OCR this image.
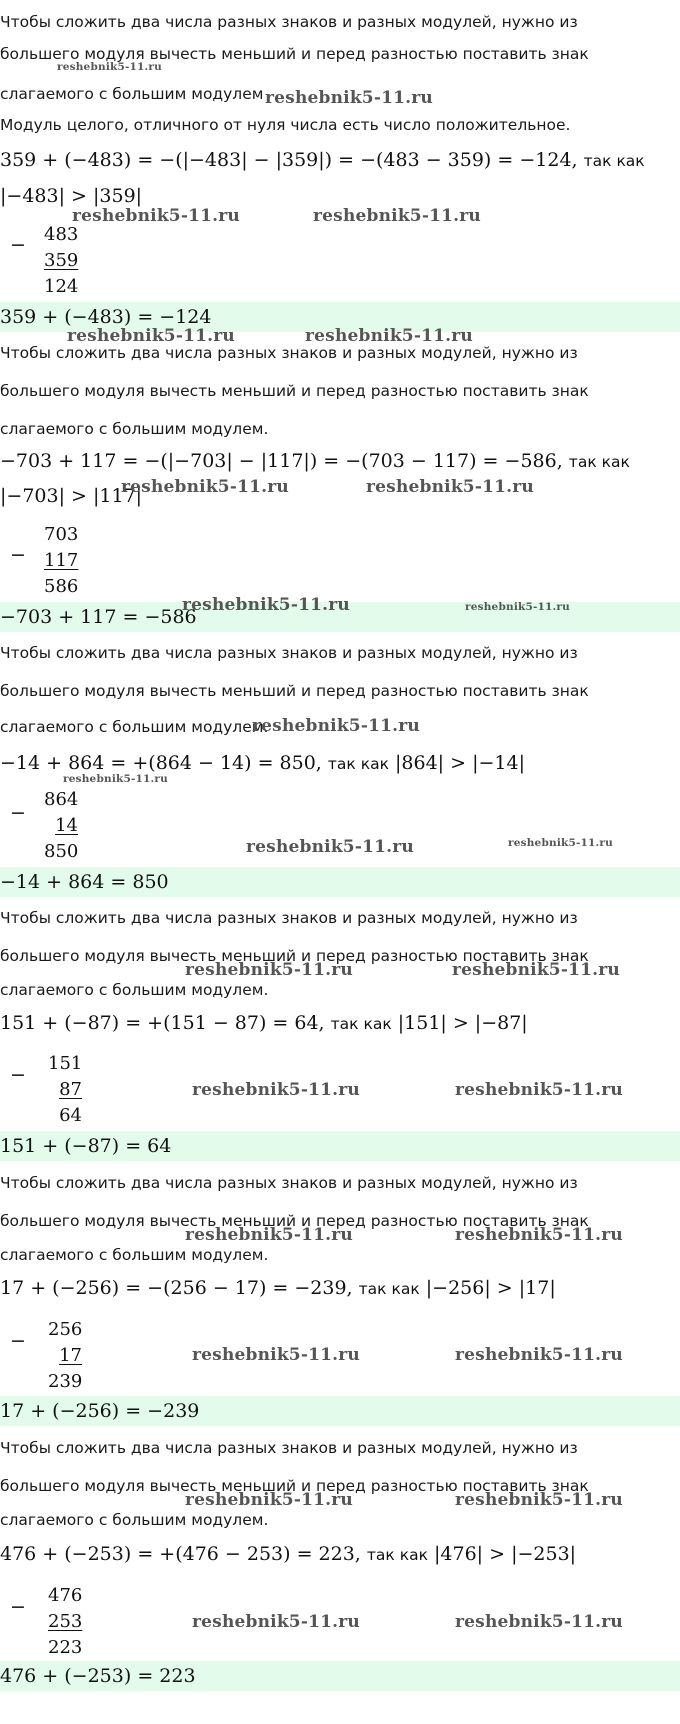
Чтобы сложить два числа разных знаков и разных модулей, нужно из
большего модуля вычесть меньший и перед разностью поставить знак
reshebnik5-11.ru
слагаемого с большим модулем reshebnik5-11.ru
Модуль целого, отличного от нуля числа есть число положительное.
359 + (−483) = −(|−483| − |359|) = −(483 − 359) = −124, так как
|−483| > |359|
reshebnik5-11.ru	reshebnik5-11.ru
− 483
359
124
359 + (−483) = −124
reshebnik5-11.ru	reshebnik5-11.ru
Чтобы сложить два числа разных знаков и разных модулей, нужно из
большего модуля вычесть меньший и перед разностью поставить знак
слагаемого с большим модулем.
−703 + 117 = −(|−703| − |117|) = −(703 − 117) = −586, так как
|−703| > |117|
reshebnik5-11.ru	reshebnik5-11.ru
−
703
117
586
−703 + 117 = −586
reshebnik5-11.ru	reshebnik5-11.ru
Чтобы сложить два числа разных знаков и разных модулей, нужно из
большего модуля вычесть меньший и перед разностью поставить знак
слагаемого с большим модулем.
reshebnik5-11.ru
−14 + 864 = +(864 − 14) = 850, так как |864| > |−14|
reshebnik5-11.ru
−
864
14
850	reshebnik5-11.ru	reshebnik5-11.ru
−14 + 864 = 850
Чтобы сложить два числа разных знаков и разных модулей, нужно из
большего модуля вычесть меньший и перед разностью поставить знак
reshebnik5-11.ru	reshebnik5-11.ru
слагаемого с большим модулем.
151 + (−87) = +(151 − 87) = 64, так как |151| > |−87|
−
151
87
64
reshebnik5-11.ru	reshebnik5-11.ru
151 + (−87) = 64
Чтобы сложить два числа разных знаков и разных модулей, нужно из
большего модуля вычесть меньший и перед разностью поставить знак
reshebnik5-11.ru	reshebnik5-11.ru
слагаемого с большим модулем.
17 + (−256) = −(256 − 17) = −239, так как |−256| > |17|
−
256
17
239
reshebnik5-11.ru	reshebnik5-11.ru
17 + (−256) = −239
Чтобы сложить два числа разных знаков и разных модулей, нужно из
большего модуля вычесть меньший и перед разностью поставить знак
reshebnik5-11.ru	reshebnik5-11.ru
слагаемого с большим модулем.
476 + (−253) = +(476 − 253) = 223, так как |476| > |−253|
−
476
253
223
reshebnik5-11.ru	reshebnik5-11.ru
476 + (−253) = 223
